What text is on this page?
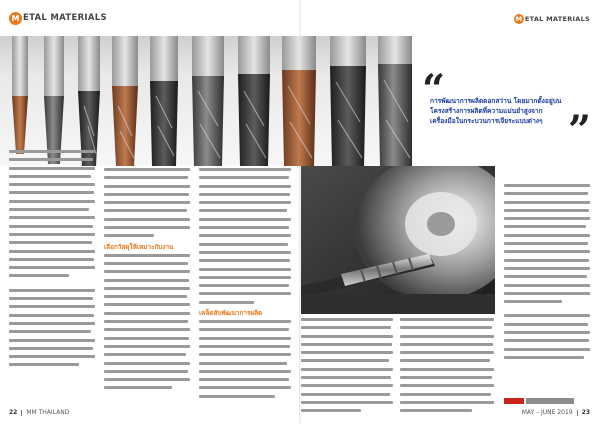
M ETAL MATERIALS	M ETAL MATERIALS
“
การพัฒนาการผลิตดอกสว่าน โดยมากตั้งอยู่บน
โครงสร้างการผลิตที่ความแม่นยำสูงจาก
เครื่องมือในกระบวนการเจียระแบบต่างๆ ”
เลือกวัสดุให้เหมาะกับงาน
เคล็ดลับพัฒนาการผลิต
22 MM THAILAND	MAY – JUNE 2019 23
